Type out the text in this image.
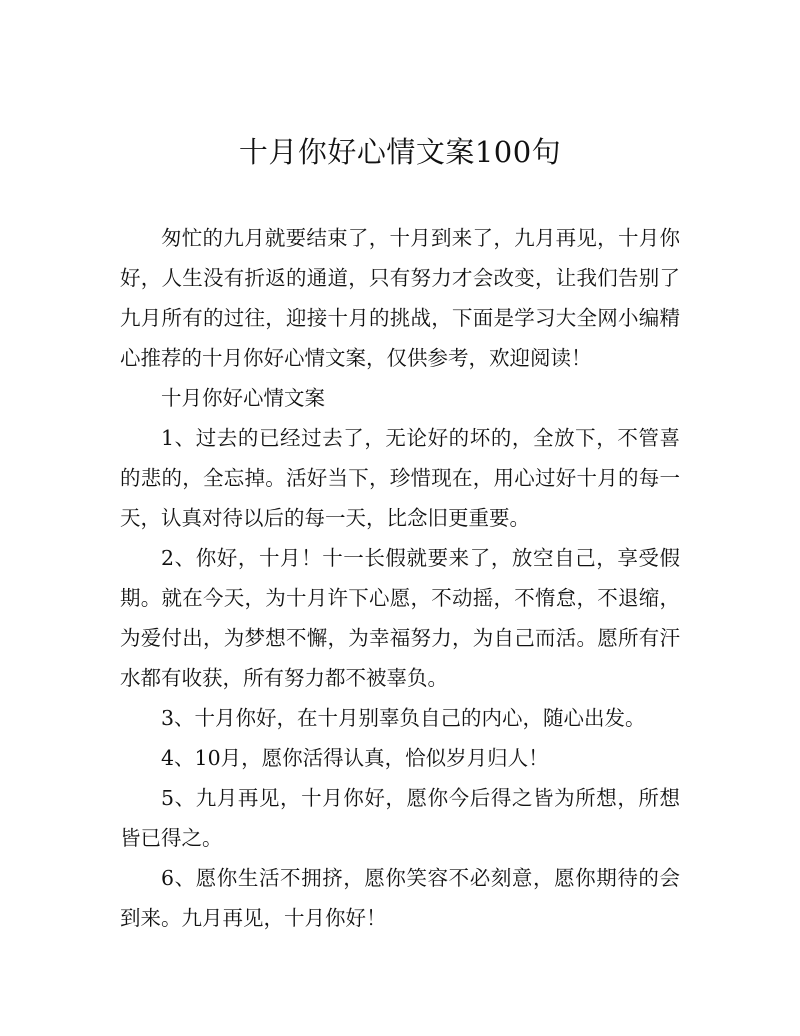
十月你好心情文案100句

匆忙的九月就要结束了，十月到来了，九月再见，十月你好，人生没有折返的通道，只有努力才会改变，让我们告别了九月所有的过往，迎接十月的挑战，下面是学习大全网小编精心推荐的十月你好心情文案，仅供参考，欢迎阅读！

十月你好心情文案

1、过去的已经过去了，无论好的坏的，全放下，不管喜的悲的，全忘掉。活好当下，珍惜现在，用心过好十月的每一天，认真对待以后的每一天，比念旧更重要。

2、你好，十月！十一长假就要来了，放空自己，享受假期。就在今天，为十月许下心愿，不动摇，不惰怠，不退缩，为爱付出，为梦想不懈，为幸福努力，为自己而活。愿所有汗水都有收获，所有努力都不被辜负。

3、十月你好，在十月别辜负自己的内心，随心出发。

4、10月，愿你活得认真，恰似岁月归人！

5、九月再见，十月你好，愿你今后得之皆为所想，所想皆已得之。

6、愿你生活不拥挤，愿你笑容不必刻意，愿你期待的会到来。九月再见，十月你好！
